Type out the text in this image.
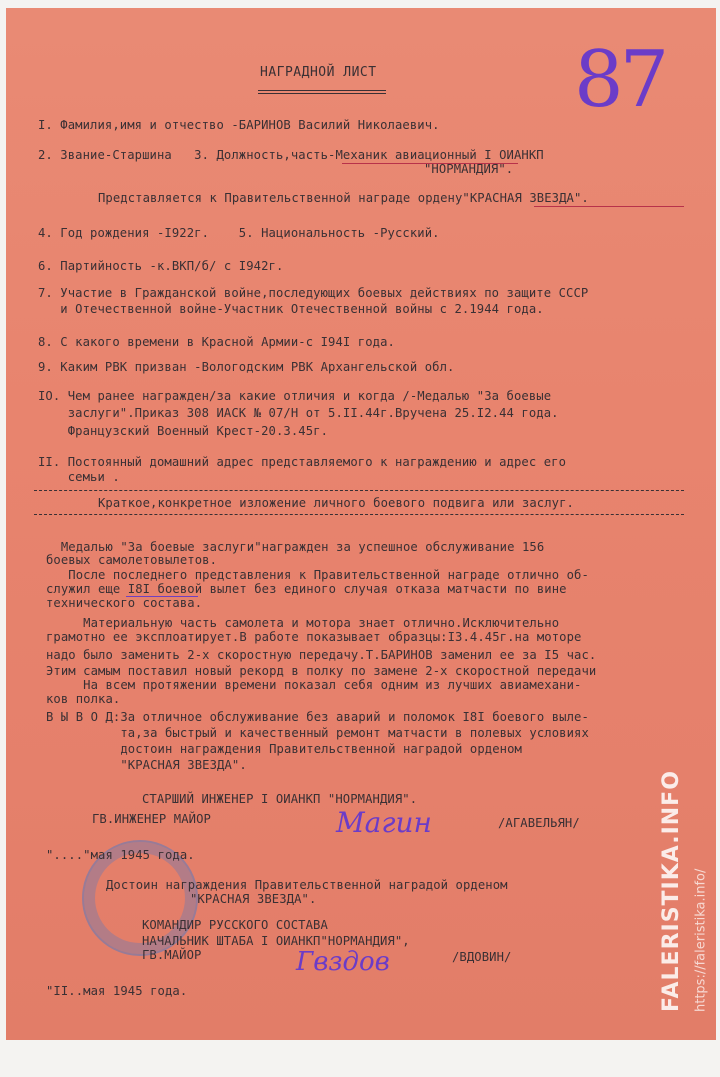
НАГРАДНОЙ ЛИСТ	87
I. Фамилия,имя и отчество -БАРИНОВ Василий Николаевич.
2. Звание-Старшина   3. Должность,часть-Механик авиационный I ОИАНКП
"НОРМАНДИЯ".
Представляется к Правительственной награде ордену"КРАСНАЯ ЗВЕЗДА".
4. Год рождения -I922г.    5. Национальность -Русский.
6. Партийность -к.ВКП/б/ с I942г.
7. Участие в Гражданской войне,последующих боевых действиях по защите СССР
и Отечественной войне-Участник Отечественной войны с 2.1944 года.
8. С какого времени в Красной Армии-с I94I года.
9. Каким РВК призван -Вологодским РВК Архангельской обл.
IO. Чем ранее награжден/за какие отличия и когда /-Медалью "За боевые
заслуги".Приказ 308 ИАСК № 07/Н от 5.II.44г.Вручена 25.I2.44 года.
Французский Военный Крест-20.3.45г.
II. Постоянный домашний адрес представляемого к награждению и адрес его
семьи .
Краткое,конкретное изложение личного боевого подвига или заслуг.
Медалью "За боевые заслуги"награжден за успешное обслуживание 156
боевых самолетовылетов.
После последнего представления к Правительственной награде отлично об-
служил еще I8I боевой вылет без единого случая отказа матчасти по вине
технического состава.
Материальную часть самолета и мотора знает отлично.Исключительно
грамотно ее эксплоатирует.В работе показывает образцы:I3.4.45г.на моторе
надо было заменить 2-х скоростную передачу.Т.БАРИНОВ заменил ее за I5 час.
Этим самым поставил новый рекорд в полку по замене 2-х скоростной передачи
На всем протяжении времени показал себя одним из лучших авиамехани-
ков полка.
В Ы В О Д:За отличное обслуживание без аварий и поломок I8I боевого выле-
та,за быстрый и качественный ремонт матчасти в полевых условиях
достоин награждения Правительственной наградой орденом
"КРАСНАЯ ЗВЕЗДА".
СТАРШИЙ ИНЖЕНЕР I ОИАНКП "НОРМАНДИЯ".
ГВ.ИНЖЕНЕР МАЙОР	Магин	/АГАВЕЛЬЯН/
"...."мая 1945 года.
Достоин награждения Правительственной наградой орденом
"КРАСНАЯ ЗВЕЗДА".
КОМАНДИР РУССКОГО СОСТАВА
НАЧАЛЬНИК ШТАБА I ОИАНКП"НОРМАНДИЯ",
ГВ.МАЙОР	Гвздов	/ВДОВИН/
"II..мая 1945 года.	FALERISTIKA.INFO https://faleristika.info/
